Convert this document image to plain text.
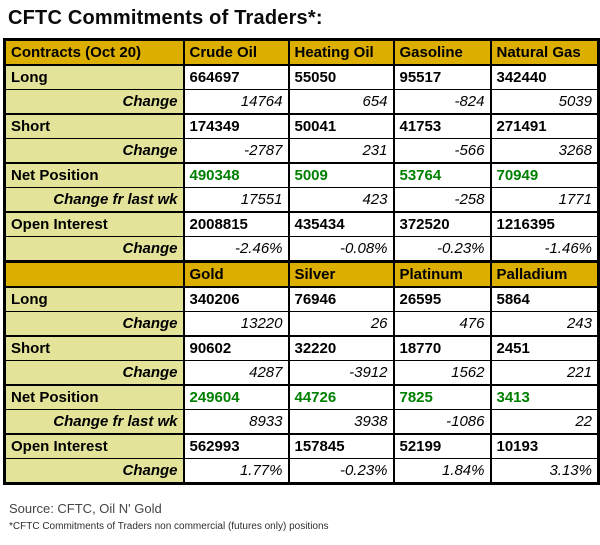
CFTC Commitments of Traders*:
Contracts (Oct 20)	Crude Oil	Heating Oil	Gasoline	Natural Gas
Long	664697	55050	95517	342440
Change	14764	654	-824	5039
Short	174349	50041	41753	271491
Change	-2787	231	-566	3268
Net Position	490348	5009	53764	70949
Change fr last wk	17551	423	-258	1771
Open Interest	2008815	435434	372520	1216395
Change	-2.46%	-0.08%	-0.23%	-1.46%
	Gold	Silver	Platinum	Palladium
Long	340206	76946	26595	5864
Change	13220	26	476	243
Short	90602	32220	18770	2451
Change	4287	-3912	1562	221
Net Position	249604	44726	7825	3413
Change fr last wk	8933	3938	-1086	22
Open Interest	562993	157845	52199	10193
Change	1.77%	-0.23%	1.84%	3.13%
Source: CFTC, Oil N' Gold
*CFTC Commitments of Traders non commercial (futures only) positions
